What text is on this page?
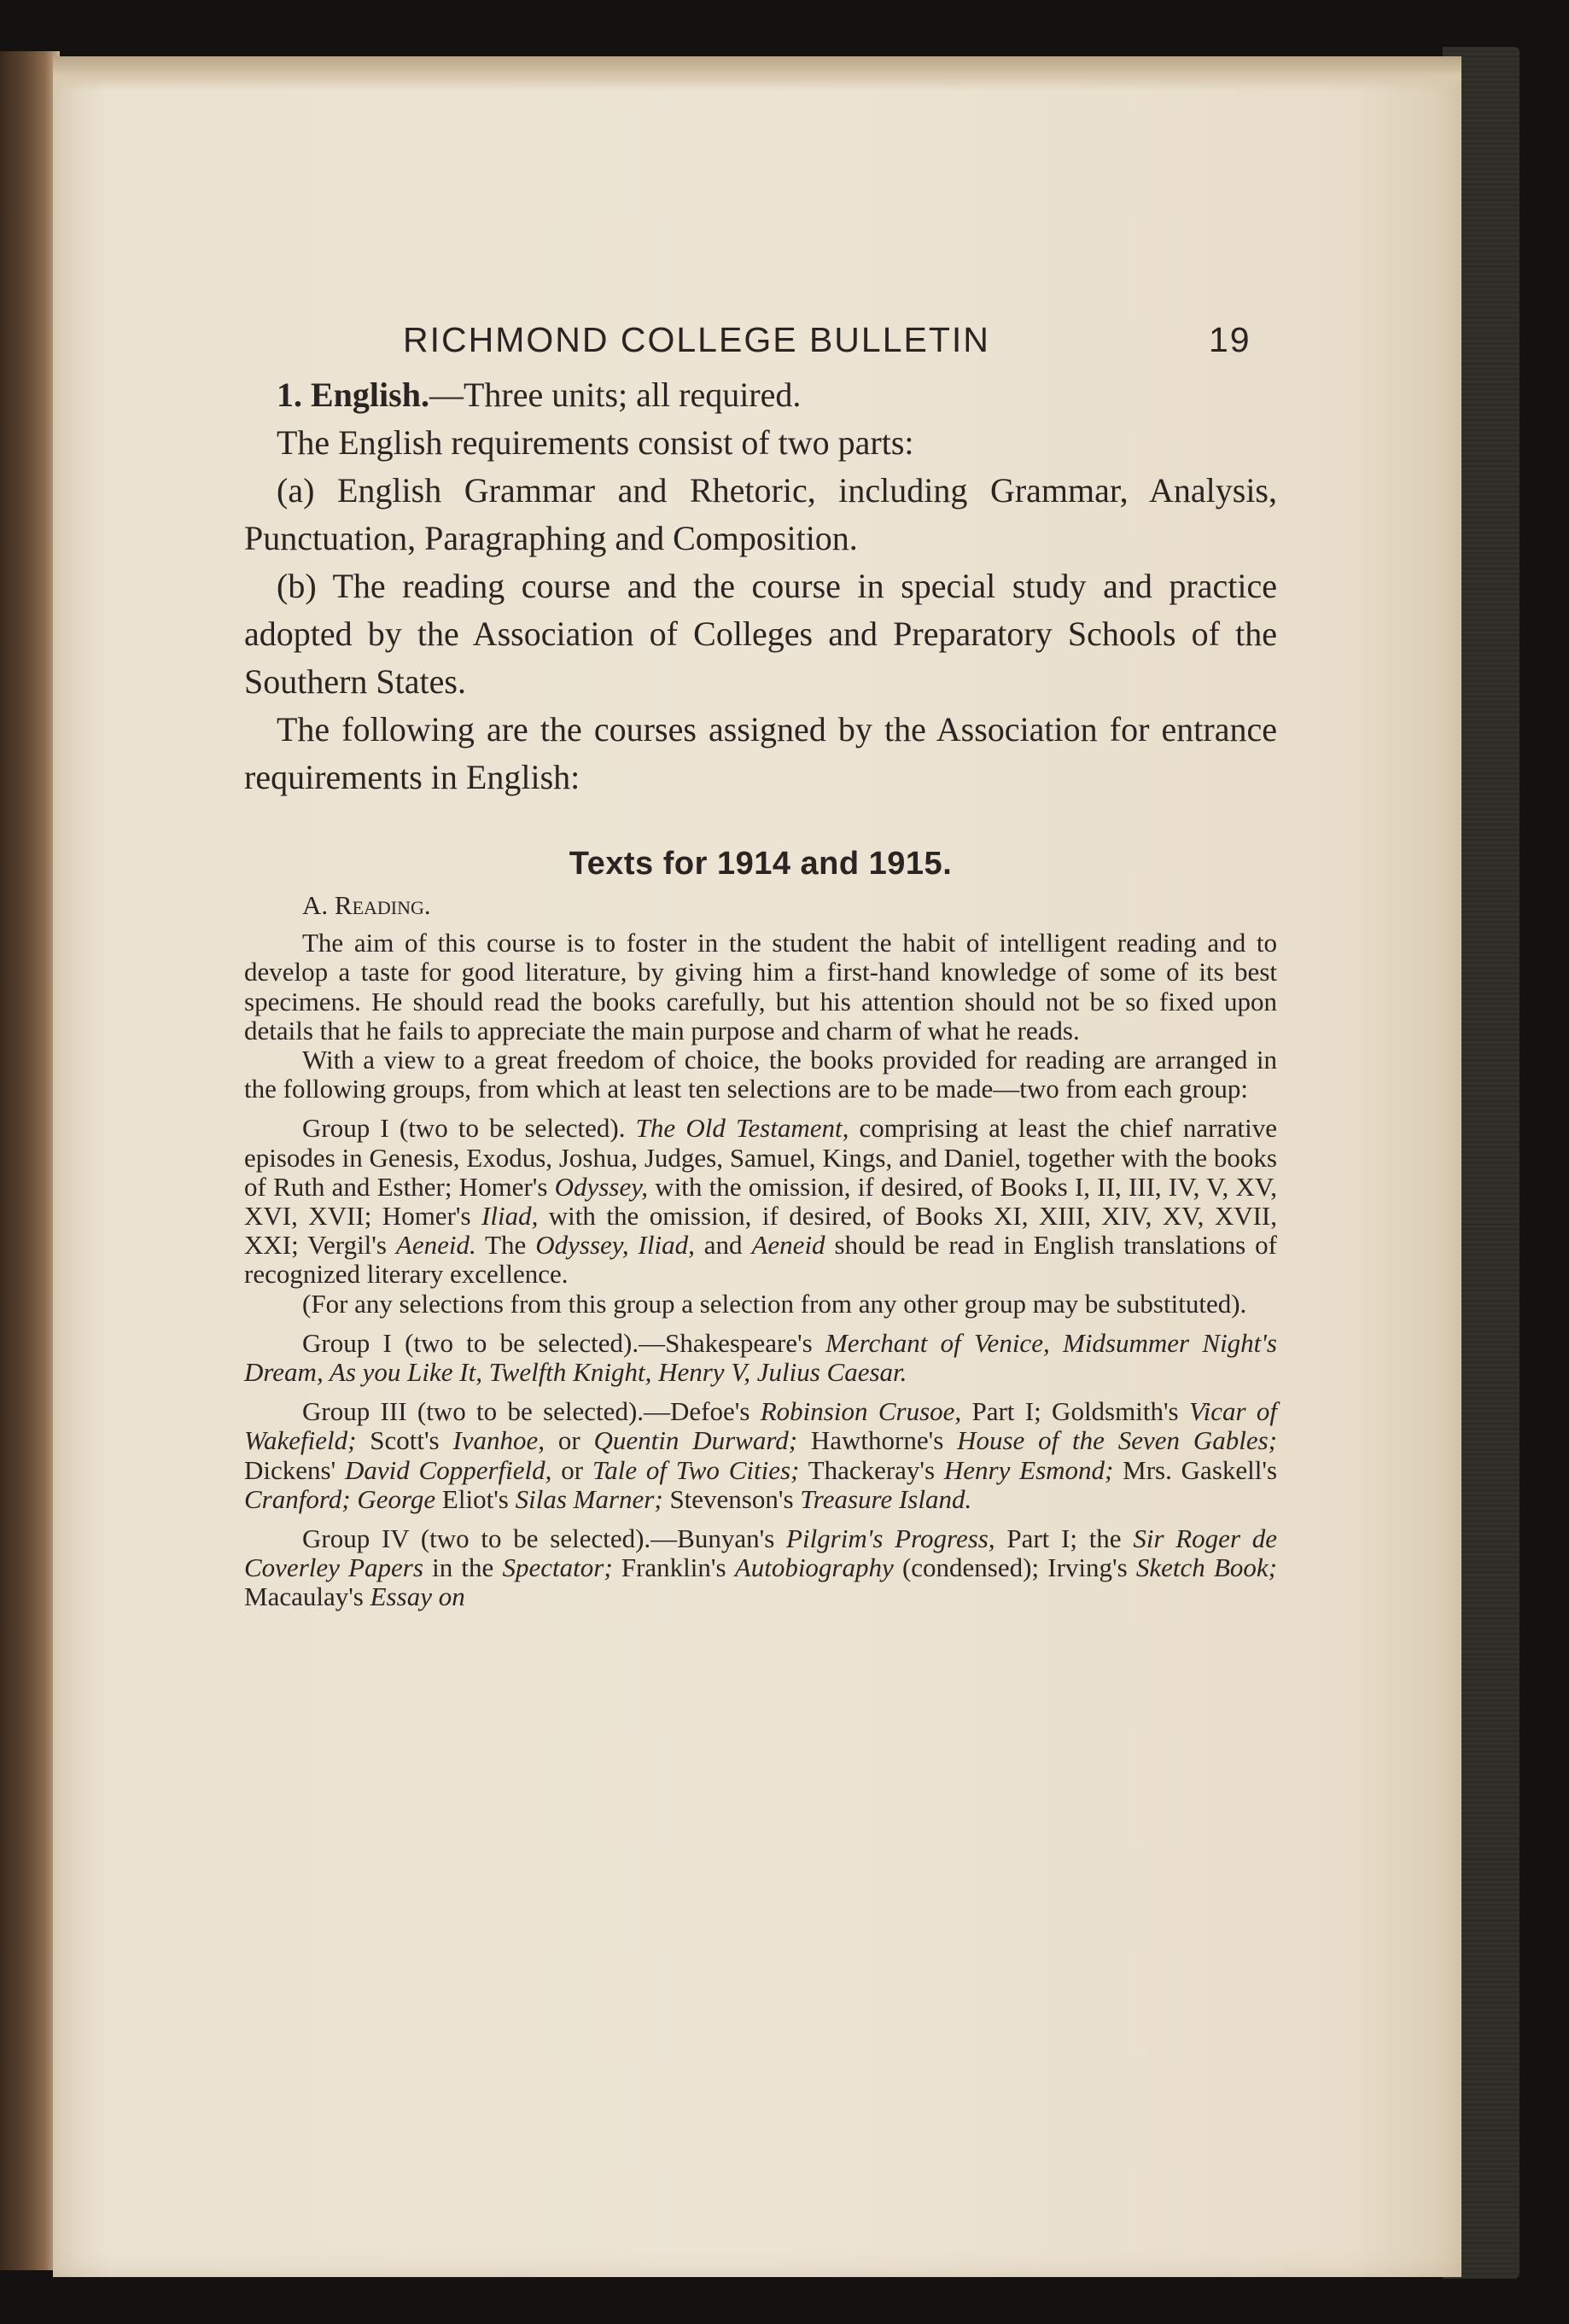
RICHMOND COLLEGE BULLETIN	19

1. English.—Three units; all required.

The English requirements consist of two parts:

(a) English Grammar and Rhetoric, including Grammar, Analysis, Punctuation, Paragraphing and Composition.

(b) The reading course and the course in special study and practice adopted by the Association of Colleges and Preparatory Schools of the Southern States.

The following are the courses assigned by the Association for entrance requirements in English:

Texts for 1914 and 1915.
A. Reading.

The aim of this course is to foster in the student the habit of intelligent reading and to develop a taste for good literature, by giving him a first-hand knowledge of some of its best specimens. He should read the books carefully, but his attention should not be so fixed upon details that he fails to appreciate the main purpose and charm of what he reads.

With a view to a great freedom of choice, the books provided for reading are arranged in the following groups, from which at least ten selections are to be made—two from each group:

Group I (two to be selected). The Old Testament, comprising at least the chief narrative episodes in Genesis, Exodus, Joshua, Judges, Samuel, Kings, and Daniel, together with the books of Ruth and Esther; Homer's Odyssey, with the omission, if desired, of Books I, II, III, IV, V, XV, XVI, XVII; Homer's Iliad, with the omission, if desired, of Books XI, XIII, XIV, XV, XVII, XXI; Vergil's Aeneid. The Odyssey, Iliad, and Aeneid should be read in English translations of recognized literary excellence.

(For any selections from this group a selection from any other group may be substituted).

Group I (two to be selected).—Shakespeare's Merchant of Venice, Midsummer Night's Dream, As you Like It, Twelfth Knight, Henry V, Julius Caesar.

Group III (two to be selected).—Defoe's Robinsion Crusoe, Part I; Goldsmith's Vicar of Wakefield; Scott's Ivanhoe, or Quentin Durward; Hawthorne's House of the Seven Gables; Dickens' David Copperfield, or Tale of Two Cities; Thackeray's Henry Esmond; Mrs. Gaskell's Cranford; George Eliot's Silas Marner; Stevenson's Treasure Island.

Group IV (two to be selected).—Bunyan's Pilgrim's Progress, Part I; the Sir Roger de Coverley Papers in the Spectator; Franklin's Autobiography (condensed); Irving's Sketch Book; Macaulay's Essay on
